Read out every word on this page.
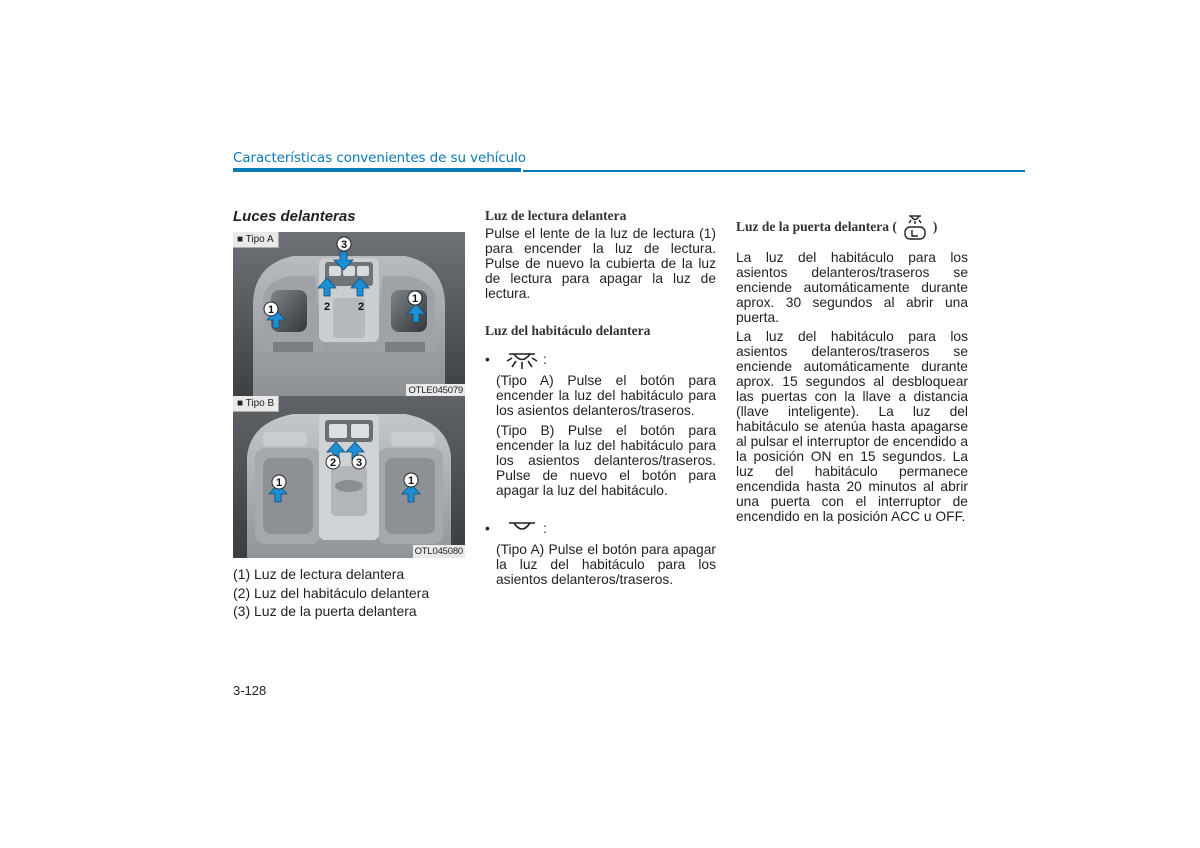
Características convenientes de su vehículo
Luces delanteras
1
3
2	2
1
■ Tipo A
OTLE045079
1
2 3
1
■ Tipo B
OTL045080
(1) Luz de lectura delantera
(2) Luz del habitáculo delantera
(3) Luz de la puerta delantera
Luz de lectura delantera

Pulse el lente de la luz de lectura (1) para encender la luz de lectura. Pulse de nuevo la cubierta de la luz de lectura para apagar la luz de lectura.

Luz del habitáculo delantera
•	:

(Tipo A) Pulse el botón para encender la luz del habitáculo para los asientos delanteros/traseros.

(Tipo B) Pulse el botón para encender la luz del habitáculo para los asientos delanteros/traseros. Pulse de nuevo el botón para apagar la luz del habitáculo.

•	:

(Tipo A) Pulse el botón para apagar la luz del habitáculo para los asientos delanteros/traseros.

Luz de la puerta delantera (	)

La luz del habitáculo para los asientos delanteros/traseros se enciende automáticamente durante aprox. 30 segundos al abrir una puerta.

La luz del habitáculo para los asientos delanteros/traseros se enciende automáticamente durante aprox. 15 segundos al desbloquear las puertas con la llave a distancia (llave inteligente). La luz del habitáculo se atenúa hasta apagarse al pulsar el interruptor de encendido a la posición ON en 15 segundos. La luz del habitáculo permanece encendida hasta 20 minutos al abrir una puerta con el interruptor de encendido en la posición ACC u OFF.

3-128
